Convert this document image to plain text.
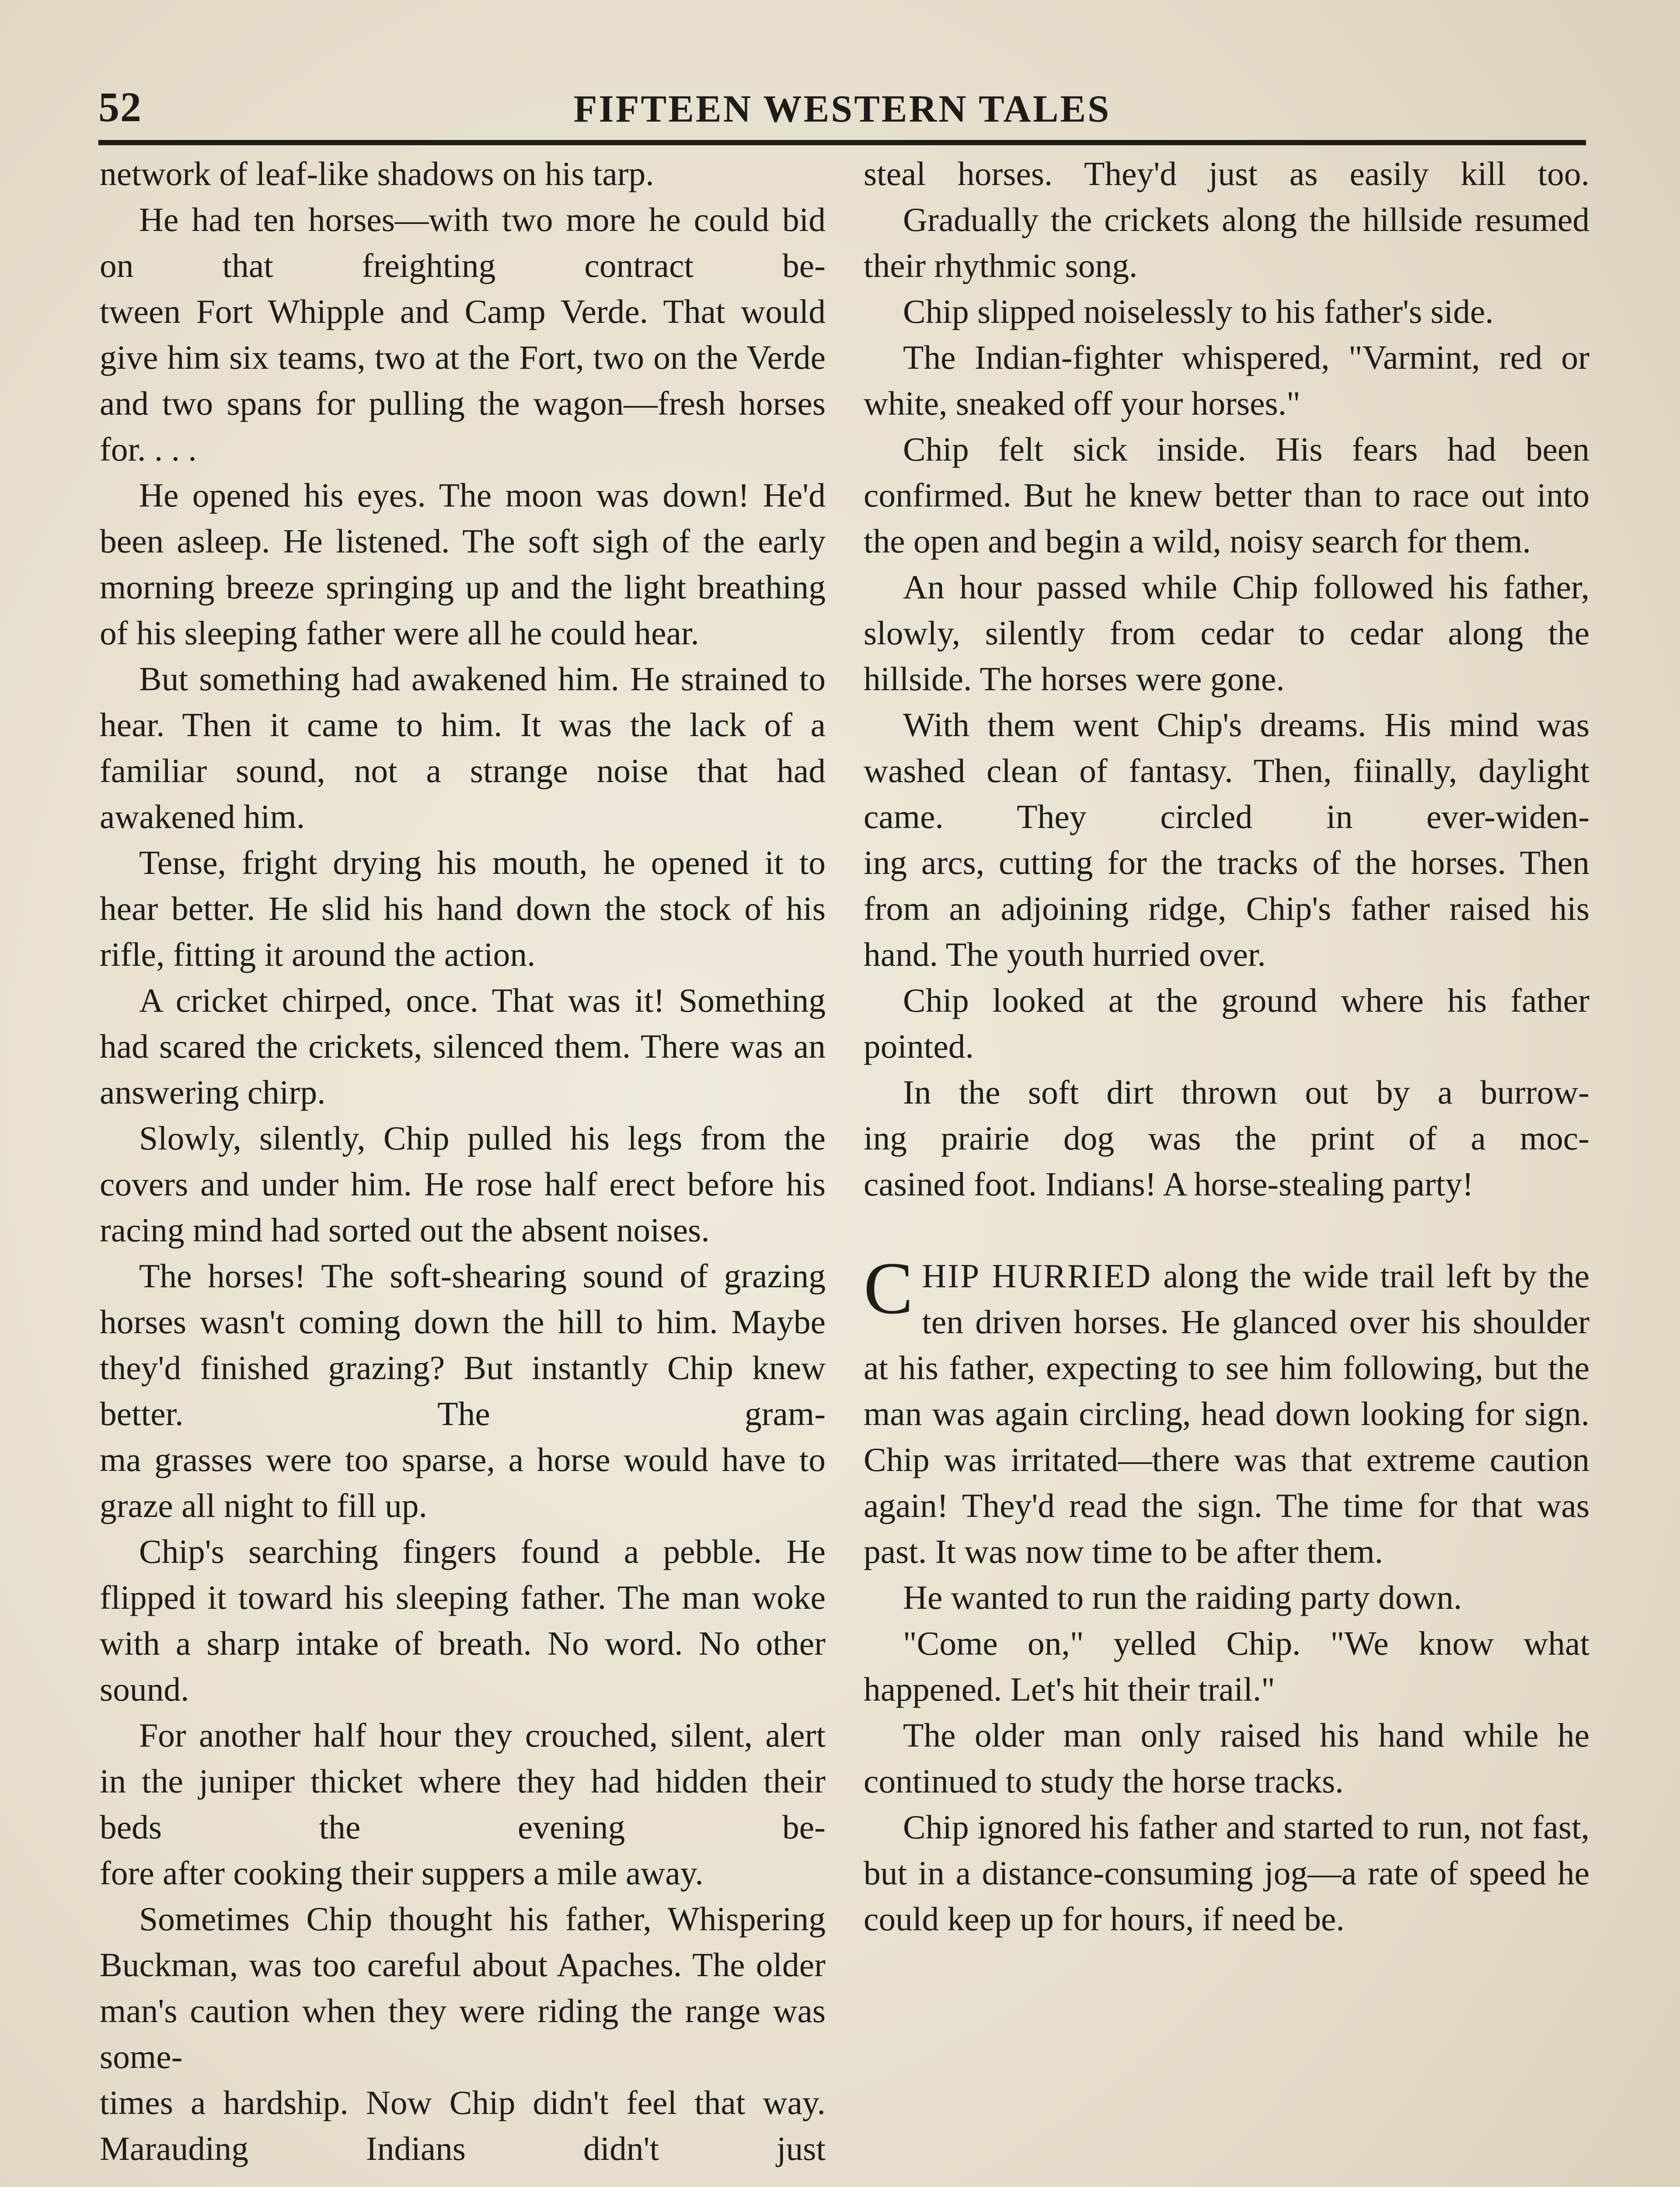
52	FIFTEEN WESTERN TALES

network of leaf-like shadows on his tarp.

He had ten horses—with two more he could bid on that freighting contract be-

tween Fort Whipple and Camp Verde. That would give him six teams, two at the Fort, two on the Verde and two spans for pulling the wagon—fresh horses for. . . .

He opened his eyes. The moon was down! He'd been asleep. He listened. The soft sigh of the early morning breeze springing up and the light breathing of his sleeping father were all he could hear.

But something had awakened him. He strained to hear. Then it came to him. It was the lack of a familiar sound, not a strange noise that had awakened him.

Tense, fright drying his mouth, he opened it to hear better. He slid his hand down the stock of his rifle, fitting it around the action.

A cricket chirped, once. That was it! Something had scared the crickets, silenced them. There was an answering chirp.

Slowly, silently, Chip pulled his legs from the covers and under him. He rose half erect before his racing mind had sorted out the absent noises.

The horses! The soft-shearing sound of grazing horses wasn't coming down the hill to him. Maybe they'd finished grazing? But instantly Chip knew better. The gram-

ma grasses were too sparse, a horse would have to graze all night to fill up.

Chip's searching fingers found a pebble. He flipped it toward his sleeping father. The man woke with a sharp intake of breath. No word. No other sound.

For another half hour they crouched, silent, alert in the juniper thicket where they had hidden their beds the evening be-

fore after cooking their suppers a mile away.

Sometimes Chip thought his father, Whispering Buckman, was too careful about Apaches. The older man's caution when they were riding the range was some-

times a hardship. Now Chip didn't feel that way. Marauding Indians didn't just

steal horses. They'd just as easily kill too.

Gradually the crickets along the hillside resumed their rhythmic song.

Chip slipped noiselessly to his father's side.

The Indian-fighter whispered, "Varmint, red or white, sneaked off your horses."

Chip felt sick inside. His fears had been confirmed. But he knew better than to race out into the open and begin a wild, noisy search for them.

An hour passed while Chip followed his father, slowly, silently from cedar to cedar along the hillside. The horses were gone.

With them went Chip's dreams. His mind was washed clean of fantasy. Then, fiinally, daylight came. They circled in ever-widen-

ing arcs, cutting for the tracks of the horses. Then from an adjoining ridge, Chip's father raised his hand. The youth hurried over.

Chip looked at the ground where his father pointed.

In the soft dirt thrown out by a burrow-

ing prairie dog was the print of a moc-

casined foot. Indians! A horse-stealing party!

CHIP HURRIED along the wide trail left by the ten driven horses. He glanced over his shoulder at his father, expecting to see him following, but the man was again circling, head down looking for sign. Chip was irritated—there was that extreme caution again! They'd read the sign. The time for that was past. It was now time to be after them.

He wanted to run the raiding party down.

"Come on," yelled Chip. "We know what happened. Let's hit their trail."

The older man only raised his hand while he continued to study the horse tracks.

Chip ignored his father and started to run, not fast, but in a distance-consuming jog—a rate of speed he could keep up for hours, if need be.
